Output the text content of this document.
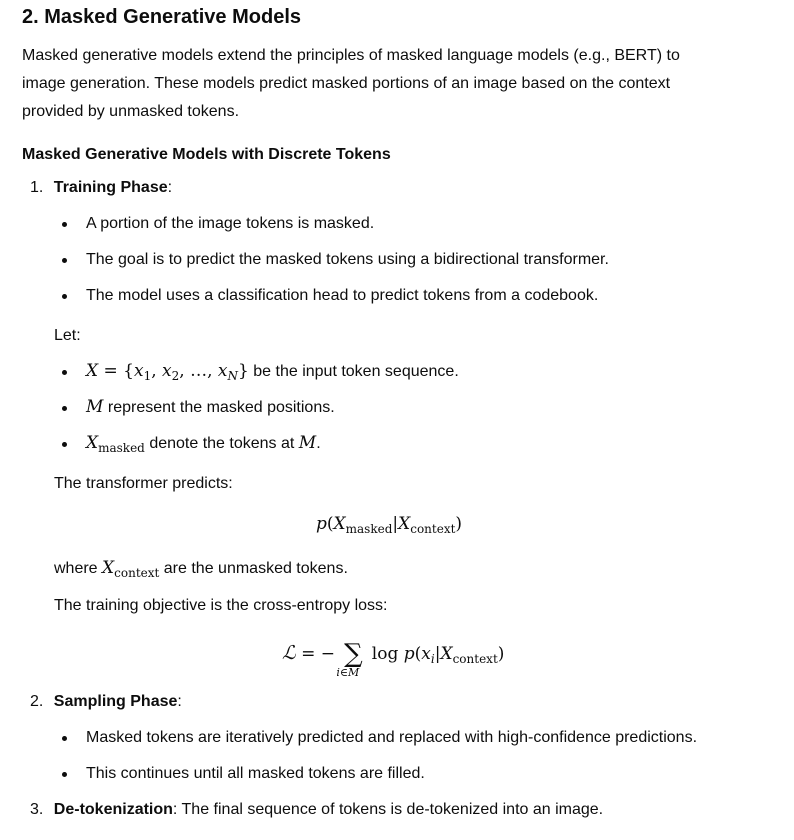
2. Masked Generative Models
Masked generative models extend the principles of masked language models (e.g., BERT) to image generation. These models predict masked portions of an image based on the context provided by unmasked tokens.
Masked Generative Models with Discrete Tokens
1. Training Phase:
A portion of the image tokens is masked.
The goal is to predict the masked tokens using a bidirectional transformer.
The model uses a classification head to predict tokens from a codebook.
Let:
$X = \{x_1$, $x_2$, …, $x_N$} be the input token sequence.
M represent the masked positions.
$X_{masked}$ denote the tokens at M.
The transformer predicts:
$p(X_{masked}|X_{context})$
where $X_{context}$ are the unmasked tokens.
The training objective is the cross-entropy loss:
ℒ = − ∑
i∈M
$\log p(x_i|X_{context})$
2. Sampling Phase:
Masked tokens are iteratively predicted and replaced with high-confidence predictions.
This continues until all masked tokens are filled.
3. De-tokenization: The final sequence of tokens is de-tokenized into an image.
